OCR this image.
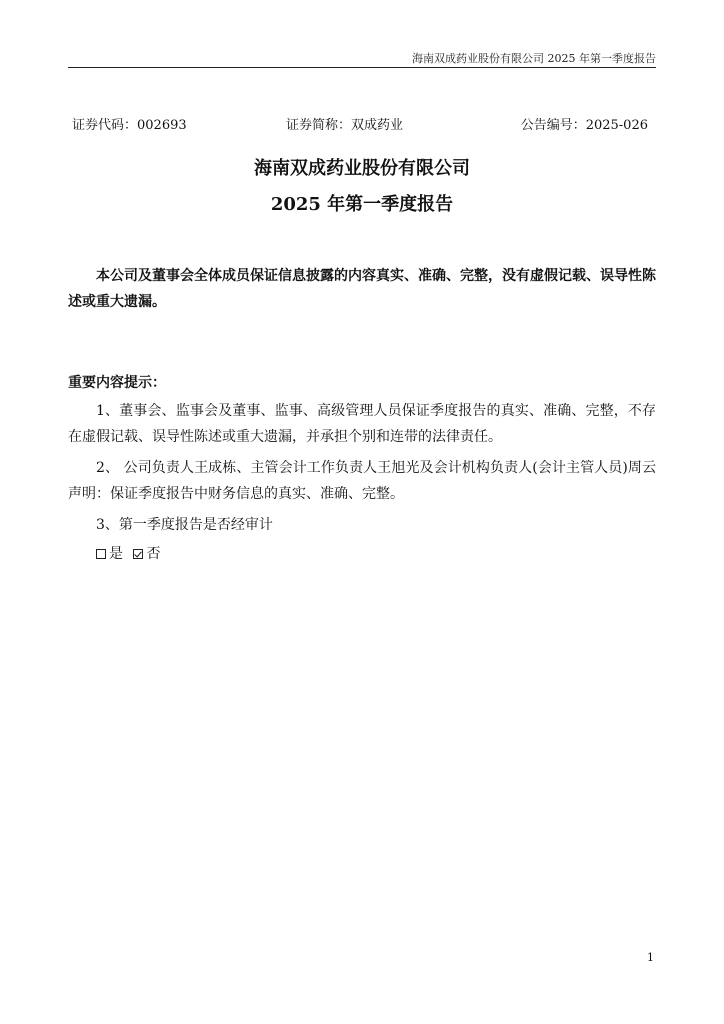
海南双成药业股份有限公司 2025 年第一季度报告
证券代码：002693	证券简称：双成药业	公告编号：2025-026
海南双成药业股份有限公司
2025 年第一季度报告
本公司及董事会全体成员保证信息披露的内容真实、准确、完整，没有虚假记载、误导性陈述或重大遗漏。
重要内容提示：
1、董事会、监事会及董事、监事、高级管理人员保证季度报告的真实、准确、完整，不存在虚假记载、误导性陈述或重大遗漏，并承担个别和连带的法律责任。
2、 公司负责人王成栋、主管会计工作负责人王旭光及会计机构负责人(会计主管人员)周云声明：保证季度报告中财务信息的真实、准确、完整。
3、第一季度报告是否经审计
是 否
1
